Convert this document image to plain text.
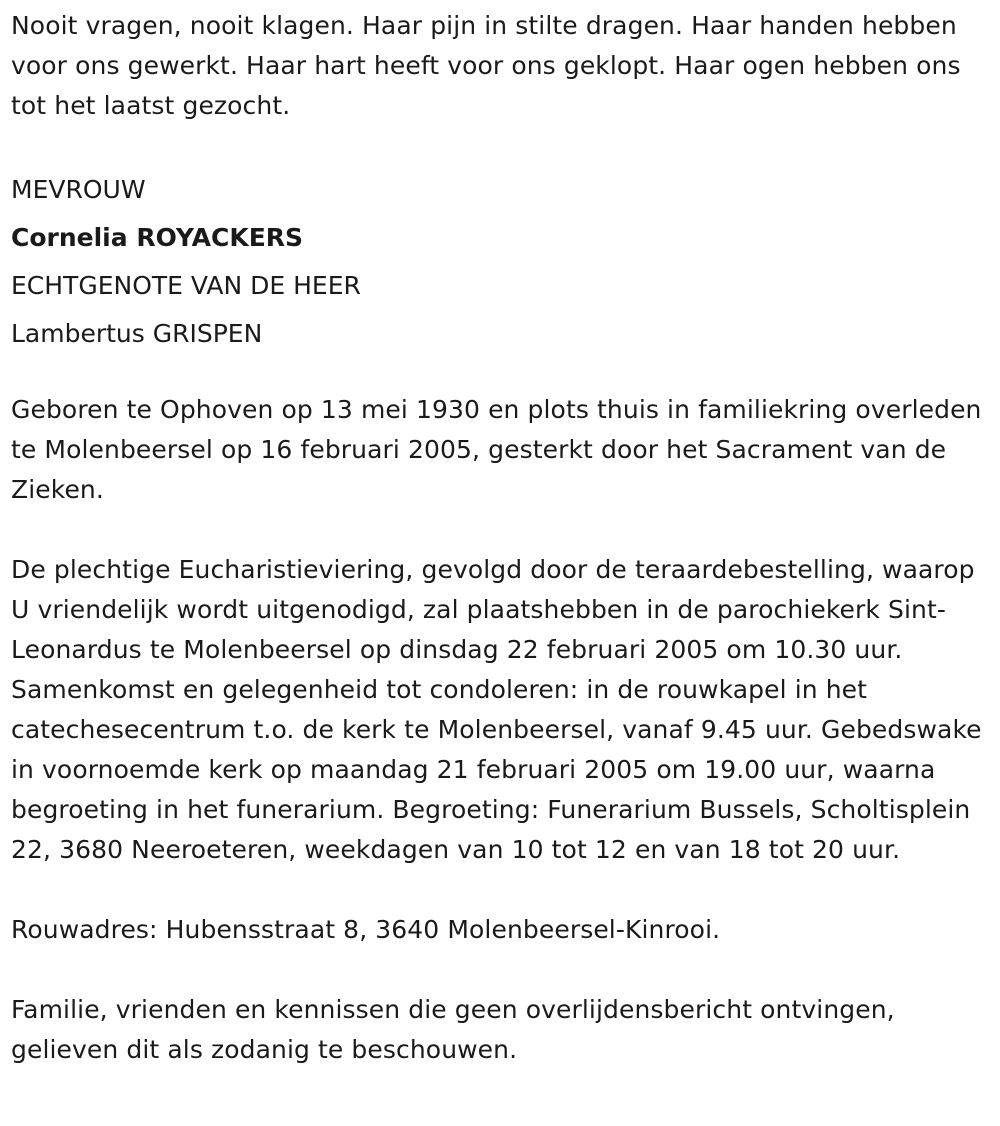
Nooit vragen, nooit klagen. Haar pijn in stilte dragen. Haar handen hebben voor ons gewerkt. Haar hart heeft voor ons geklopt. Haar ogen hebben ons tot het laatst gezocht.

MEVROUW

Cornelia ROYACKERS

ECHTGENOTE VAN DE HEER

Lambertus GRISPEN

Geboren te Ophoven op 13 mei 1930 en plots thuis in familiekring overleden te Molenbeersel op 16 februari 2005, gesterkt door het Sacrament van de Zieken.

De plechtige Eucharistieviering, gevolgd door de teraardebestelling, waarop U vriendelijk wordt uitgenodigd, zal plaatshebben in de parochiekerk Sint-Leonardus te Molenbeersel op dinsdag 22 februari 2005 om 10.30 uur. Samenkomst en gelegenheid tot condoleren: in de rouwkapel in het catechesecentrum t.o. de kerk te Molenbeersel, vanaf 9.45 uur. Gebedswake in voornoemde kerk op maandag 21 februari 2005 om 19.00 uur, waarna begroeting in het funerarium. Begroeting: Funerarium Bussels, Scholtisplein 22, 3680 Neeroeteren, weekdagen van 10 tot 12 en van 18 tot 20 uur.

Rouwadres: Hubensstraat 8, 3640 Molenbeersel-Kinrooi.

Familie, vrienden en kennissen die geen overlijdensbericht ontvingen, gelieven dit als zodanig te beschouwen.
